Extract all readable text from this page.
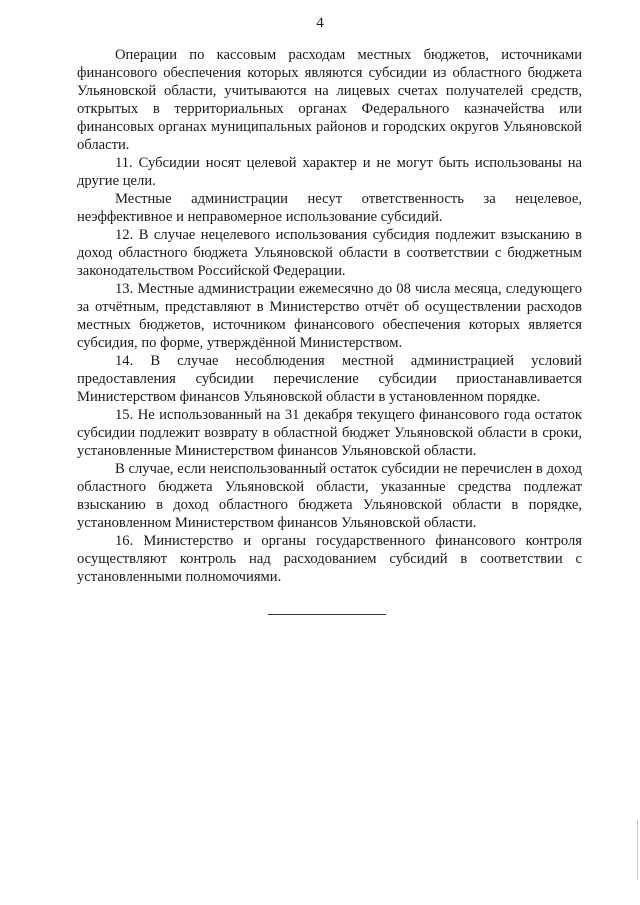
4

Операции по кассовым расходам местных бюджетов, источниками финансового обеспечения которых являются субсидии из областного бюджета Ульяновской области, учитываются на лицевых счетах получателей средств, открытых в территориальных органах Федерального казначейства или финансовых органах муниципальных районов и городских округов Ульяновской области.

11. Субсидии носят целевой характер и не могут быть использованы на другие цели.

Местные администрации несут ответственность за нецелевое, неэффективное и неправомерное использование субсидий.

12. В случае нецелевого использования субсидия подлежит взысканию в доход областного бюджета Ульяновской области в соответствии с бюджетным законодательством Российской Федерации.

13. Местные администрации ежемесячно до 08 числа месяца, следующего за отчётным, представляют в Министерство отчёт об осуществлении расходов местных бюджетов, источником финансового обеспечения которых является субсидия, по форме, утверждённой Министерством.

14. В случае несоблюдения местной администрацией условий предоставления субсидии перечисление субсидии приостанавливается Министерством финансов Ульяновской области в установленном порядке.

15. Не использованный на 31 декабря текущего финансового года остаток субсидии подлежит возврату в областной бюджет Ульяновской области в сроки, установленные Министерством финансов Ульяновской области.

В случае, если неиспользованный остаток субсидии не перечислен в доход областного бюджета Ульяновской области, указанные средства подлежат взысканию в доход областного бюджета Ульяновской области в порядке, установленном Министерством финансов Ульяновской области.

16. Министерство и органы государственного финансового контроля осуществляют контроль над расходованием субсидий в соответствии с установленными полномочиями.
